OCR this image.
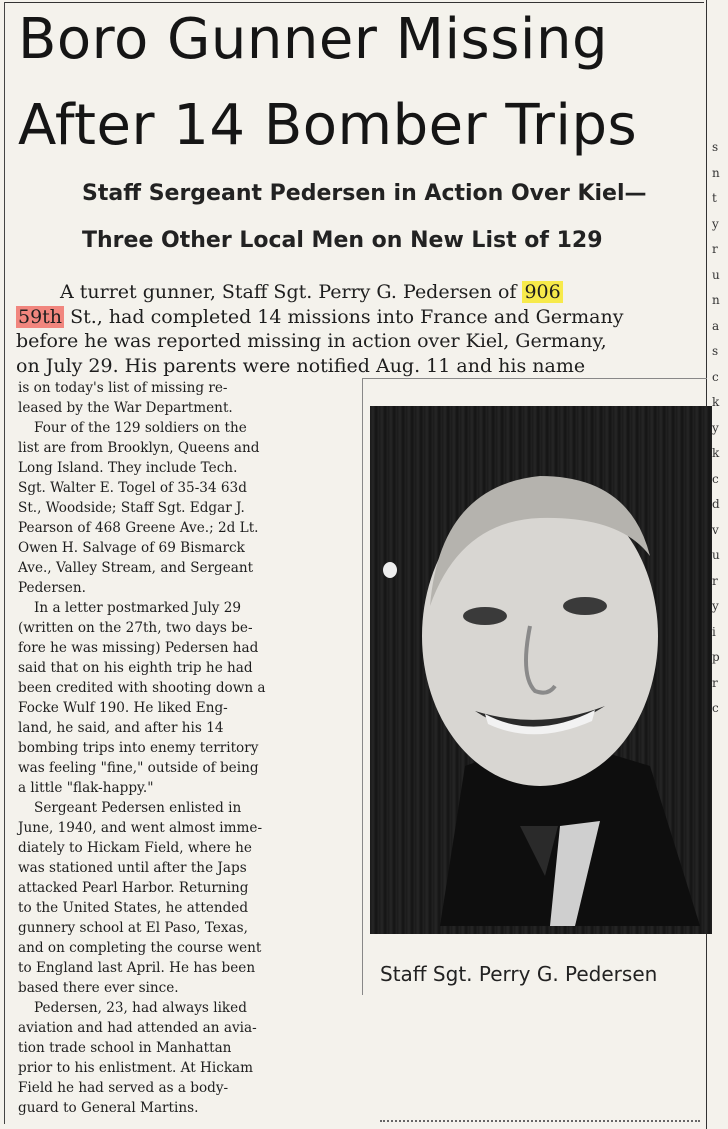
Boro Gunner Missing
After 14 Bomber Trips
Staff Sergeant Pedersen in Action Over Kiel—
Three Other Local Men on New List of 129
A turret gunner, Staff Sgt. Perry G. Pedersen of 906
59th St., had completed 14 missions into France and Germany
before he was reported missing in action over Kiel, Germany,
on July 29. His parents were notified Aug. 11 and his name
is on today's list of missing re-
leased by the War Department.
Four of the 129 soldiers on the
list are from Brooklyn, Queens and
Long Island. They include Tech.
Sgt. Walter E. Togel of 35-34 63d
St., Woodside; Staff Sgt. Edgar J.
Pearson of 468 Greene Ave.; 2d Lt.
Owen H. Salvage of 69 Bismarck
Ave., Valley Stream, and Sergeant
Pedersen.
In a letter postmarked July 29
(written on the 27th, two days be-
fore he was missing) Pedersen had
said that on his eighth trip he had
been credited with shooting down a
Focke Wulf 190. He liked Eng-
land, he said, and after his 14
bombing trips into enemy territory
was feeling "fine," outside of being
a little "flak-happy."
Sergeant Pedersen enlisted in
June, 1940, and went almost imme-
diately to Hickam Field, where he
was stationed until after the Japs
attacked Pearl Harbor. Returning
to the United States, he attended
gunnery school at El Paso, Texas,
and on completing the course went
to England last April. He has been
based there ever since.
Pedersen, 23, had always liked
aviation and had attended an avia-
tion trade school in Manhattan
prior to his enlistment. At Hickam
Field he had served as a body-
guard to General Martins.
Staff Sgt. Perry G. Pedersen
s
n
t
y
r
u
n
a
s
c
k
y
k
c
d
v
u
r
y
i
p
r
c
